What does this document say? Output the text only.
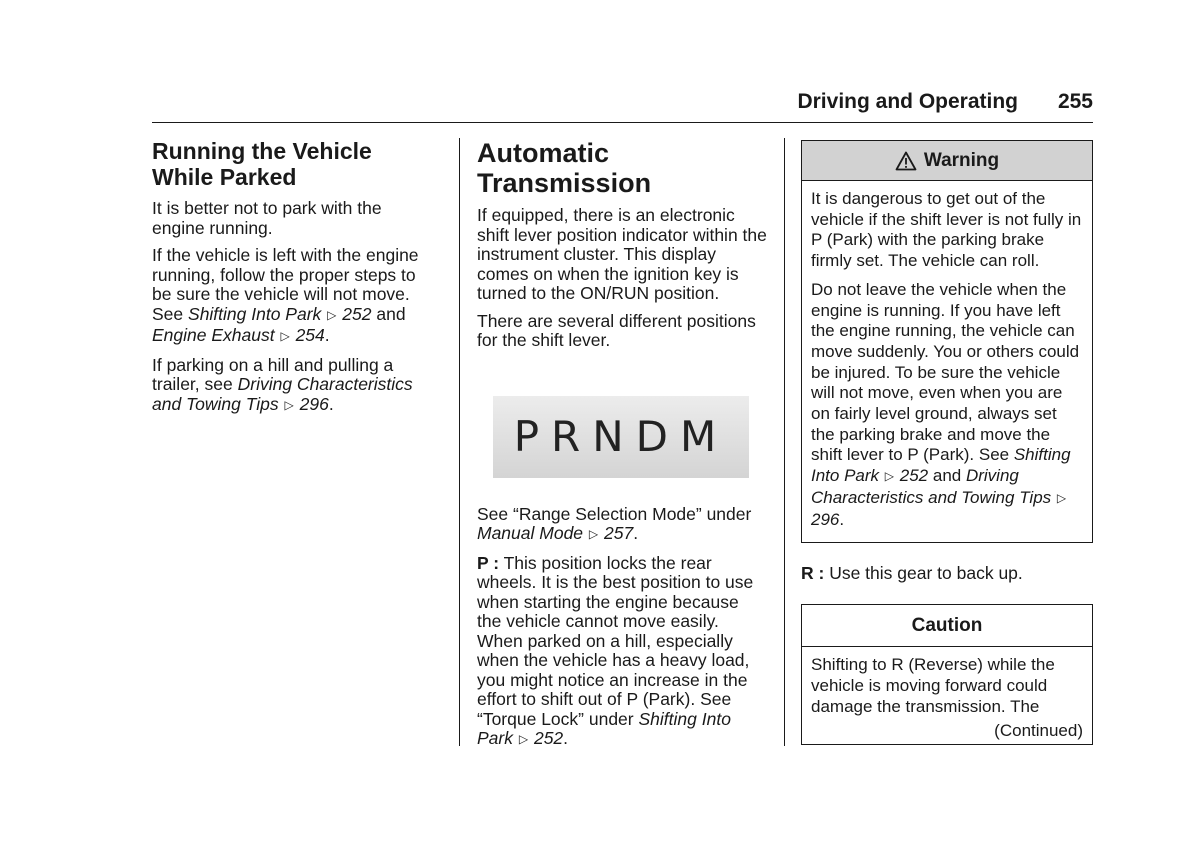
Driving and Operating	255
Running the Vehicle While Parked

It is better not to park with the engine running.

If the vehicle is left with the engine running, follow the proper steps to be sure the vehicle will not move. See Shifting Into Park ▷ 252 and Engine Exhaust ▷ 254.

If parking on a hill and pulling a trailer, see Driving Characteristics and Towing Tips ▷ 296.

Automatic Transmission

If equipped, there is an electronic shift lever position indicator within the instrument cluster. This display comes on when the ignition key is turned to the ON/RUN position.

There are several different positions for the shift lever.

PRNDM

See “Range Selection Mode” under Manual Mode ▷ 257.

P : This position locks the rear wheels. It is the best position to use when starting the engine because the vehicle cannot move easily. When parked on a hill, especially when the vehicle has a heavy load, you might notice an increase in the effort to shift out of P (Park). See “Torque Lock” under Shifting Into Park ▷ 252.

Warning

It is dangerous to get out of the vehicle if the shift lever is not fully in P (Park) with the parking brake firmly set. The vehicle can roll.

Do not leave the vehicle when the engine is running. If you have left the engine running, the vehicle can move suddenly. You or others could be injured. To be sure the vehicle will not move, even when you are on fairly level ground, always set the parking brake and move the shift lever to P (Park). See Shifting Into Park ▷ 252 and Driving Characteristics and Towing Tips ▷ 296.

R : Use this gear to back up.

Caution

Shifting to R (Reverse) while the vehicle is moving forward could damage the transmission. The

(Continued)
